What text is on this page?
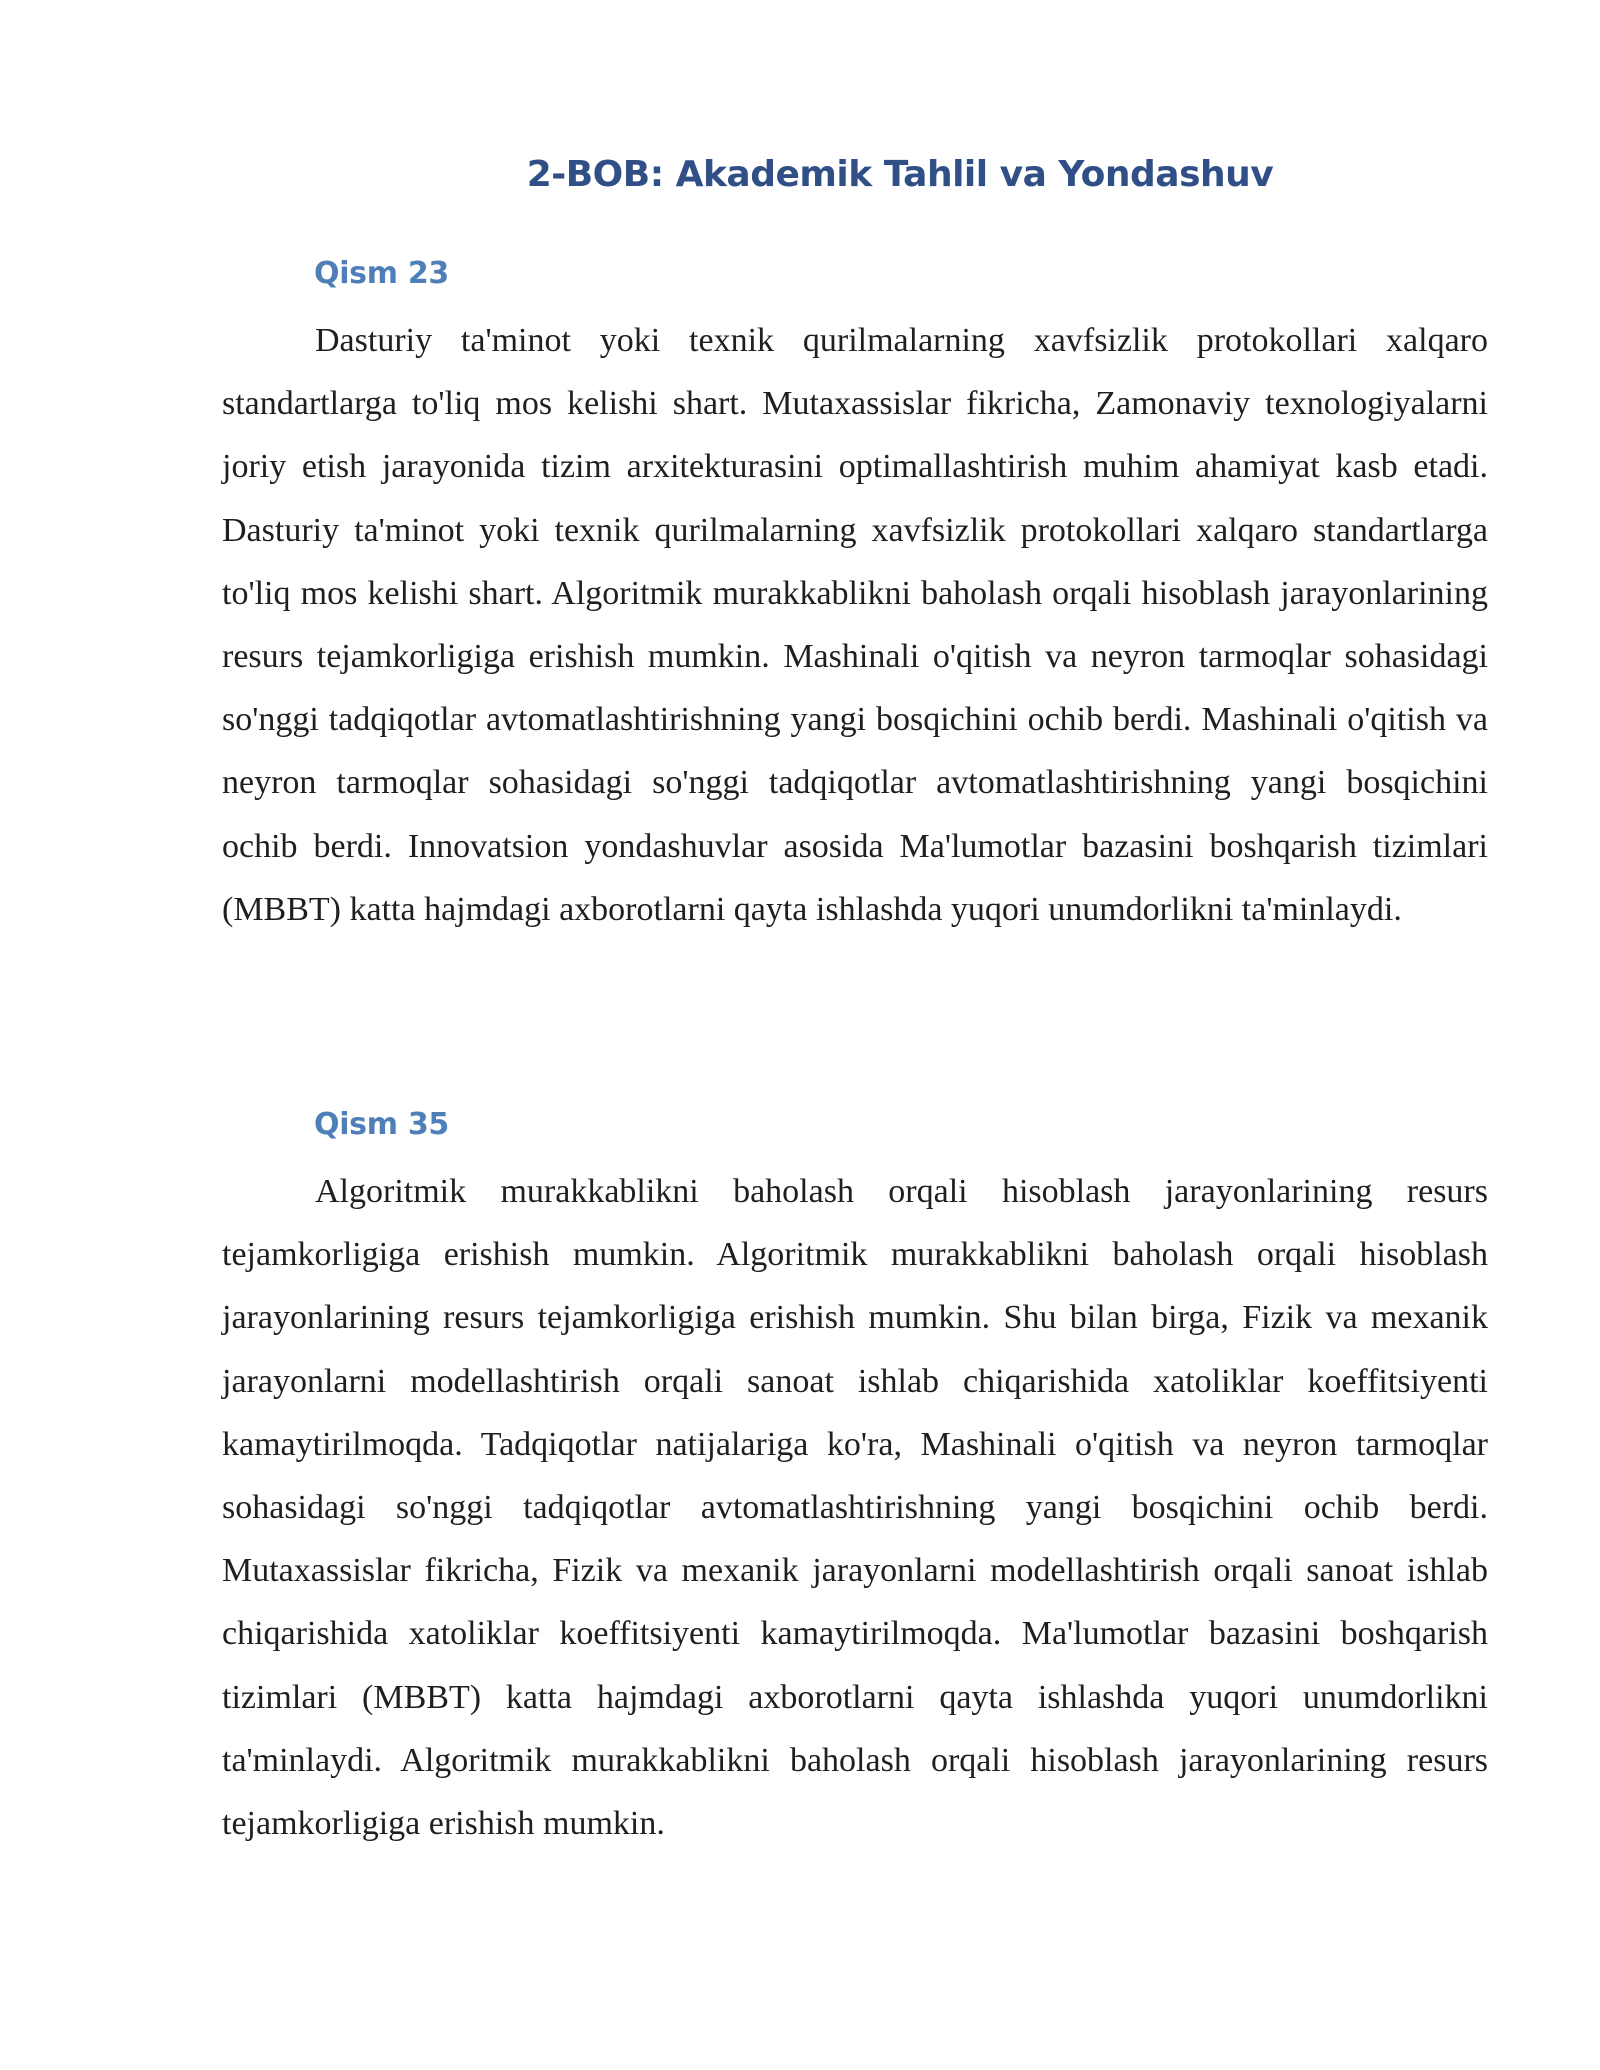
2-BOB: Akademik Tahlil va Yondashuv
Qism 23

Dasturiy ta'minot yoki texnik qurilmalarning xavfsizlik protokollari xalqaro standartlarga to'liq mos kelishi shart. Mutaxassislar fikricha, Zamonaviy texnologiyalarni joriy etish jarayonida tizim arxitekturasini optimallashtirish muhim ahamiyat kasb etadi. Dasturiy ta'minot yoki texnik qurilmalarning xavfsizlik protokollari xalqaro standartlarga to'liq mos kelishi shart. Algoritmik murakkablikni baholash orqali hisoblash jarayonlarining resurs tejamkorligiga erishish mumkin. Mashinali o'qitish va neyron tarmoqlar sohasidagi so'nggi tadqiqotlar avtomatlashtirishning yangi bosqichini ochib berdi. Mashinali o'qitish va neyron tarmoqlar sohasidagi so'nggi tadqiqotlar avtomatlashtirishning yangi bosqichini ochib berdi. Innovatsion yondashuvlar asosida Ma'lumotlar bazasini boshqarish tizimlari (MBBT) katta hajmdagi axborotlarni qayta ishlashda yuqori unumdorlikni ta'minlaydi.

Qism 35

Algoritmik murakkablikni baholash orqali hisoblash jarayonlarining resurs tejamkorligiga erishish mumkin. Algoritmik murakkablikni baholash orqali hisoblash jarayonlarining resurs tejamkorligiga erishish mumkin. Shu bilan birga, Fizik va mexanik jarayonlarni modellashtirish orqali sanoat ishlab chiqarishida xatoliklar koeffitsiyenti kamaytirilmoqda. Tadqiqotlar natijalariga ko'ra, Mashinali o'qitish va neyron tarmoqlar sohasidagi so'nggi tadqiqotlar avtomatlashtirishning yangi bosqichini ochib berdi. Mutaxassislar fikricha, Fizik va mexanik jarayonlarni modellashtirish orqali sanoat ishlab chiqarishida xatoliklar koeffitsiyenti kamaytirilmoqda. Ma'lumotlar bazasini boshqarish tizimlari (MBBT) katta hajmdagi axborotlarni qayta ishlashda yuqori unumdorlikni ta'minlaydi. Algoritmik murakkablikni baholash orqali hisoblash jarayonlarining resurs tejamkorligiga erishish mumkin.
